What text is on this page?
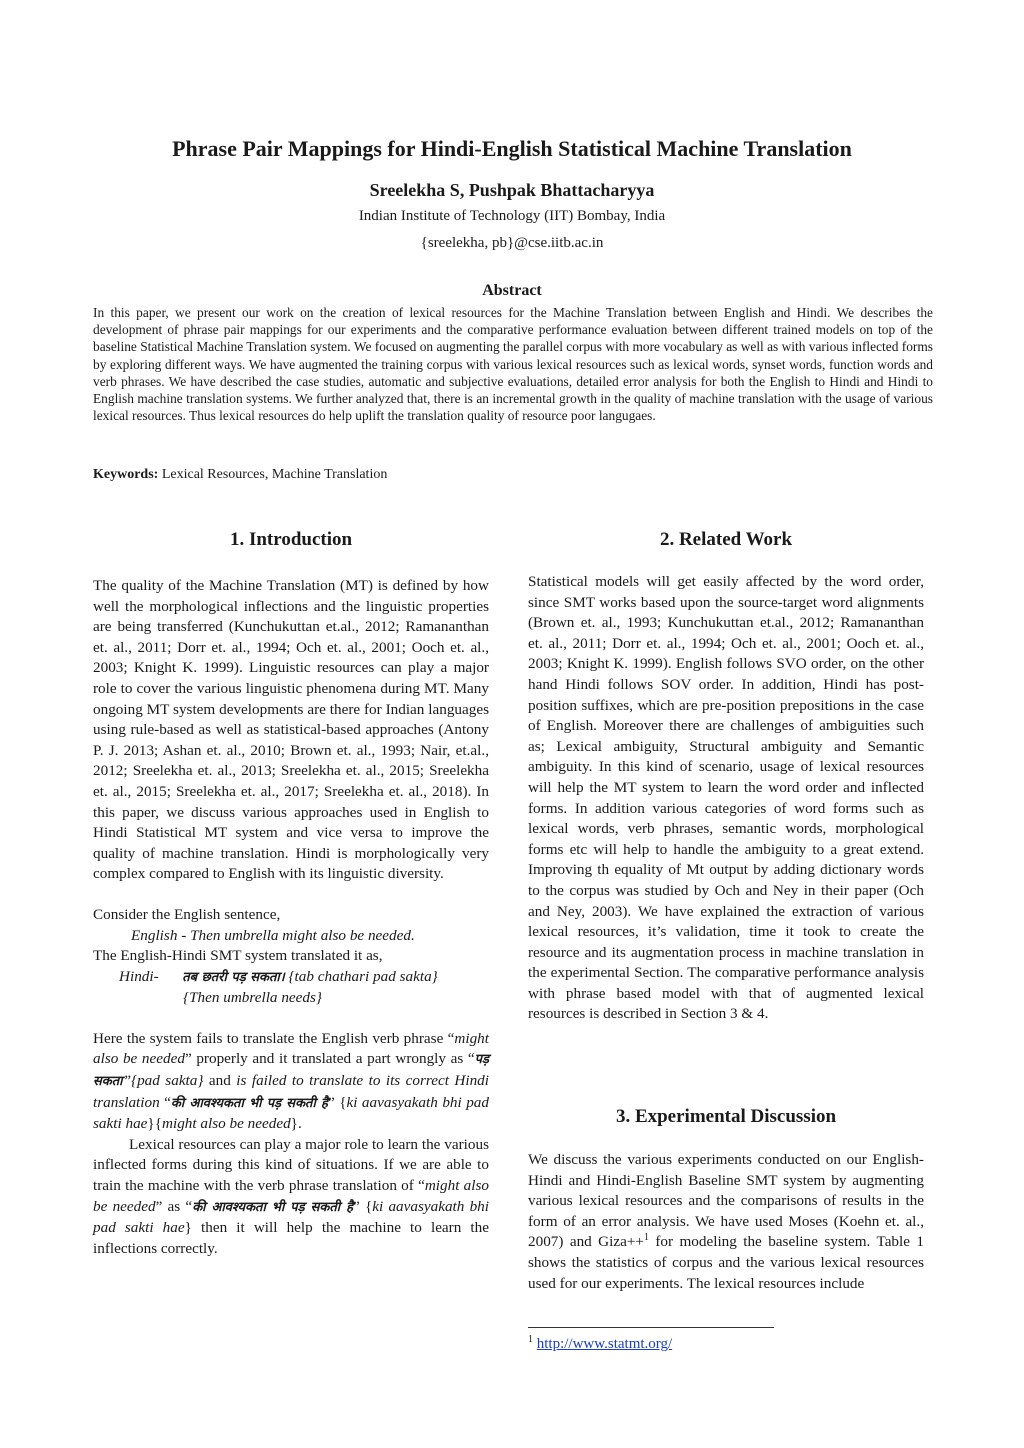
Phrase Pair Mappings for Hindi-English Statistical Machine Translation
Sreelekha S, Pushpak Bhattacharyya
Indian Institute of Technology (IIT) Bombay, India
{sreelekha, pb}@cse.iitb.ac.in
Abstract
In this paper, we present our work on the creation of lexical resources for the Machine Translation between English and Hindi. We describes the development of phrase pair mappings for our experiments and the comparative performance evaluation between different trained models on top of the baseline Statistical Machine Translation system. We focused on augmenting the parallel corpus with more vocabulary as well as with various inflected forms by exploring different ways. We have augmented the training corpus with various lexical resources such as lexical words, synset words, function words and verb phrases. We have described the case studies, automatic and subjective evaluations, detailed error analysis for both the English to Hindi and Hindi to English machine translation systems. We further analyzed that, there is an incremental growth in the quality of machine translation with the usage of various lexical resources. Thus lexical resources do help uplift the translation quality of resource poor langugaes.
Keywords: Lexical Resources, Machine Translation
1. Introduction

The quality of the Machine Translation (MT) is defined by how well the morphological inflections and the linguistic properties are being transferred (Kunchukuttan et.al., 2012; Ramananthan et. al., 2011; Dorr et. al., 1994; Och et. al., 2001; Ooch et. al., 2003; Knight K. 1999). Linguistic resources can play a major role to cover the various linguistic phenomena during MT. Many ongoing MT system developments are there for Indian languages using rule-based as well as statistical-based approaches (Antony P. J. 2013; Ashan et. al., 2010; Brown et. al., 1993; Nair, et.al., 2012; Sreelekha et. al., 2013; Sreelekha et. al., 2015; Sreelekha et. al., 2015; Sreelekha et. al., 2017; Sreelekha et. al., 2018). In this paper, we discuss various approaches used in English to Hindi Statistical MT system and vice versa to improve the quality of machine translation. Hindi is morphologically very complex compared to English with its linguistic diversity.

Consider the English sentence,

English - Then umbrella might also be needed.

The English-Hindi SMT system translated it as,

Hindi- तब छतरी पड़ सकता। {tab chathari pad sakta}

{Then umbrella needs}

Here the system fails to translate the English verb phrase “might also be needed” properly and it translated a part wrongly as “पड़ सकता”{pad sakta} and is failed to translate to its correct Hindi translation “की आवश्यकता भी पड़ सकती है” {ki aavasyakath bhi pad sakti hae}{might also be needed}.

Lexical resources can play a major role to learn the various inflected forms during this kind of situations. If we are able to train the machine with the verb phrase translation of “might also be needed” as “की आवश्यकता भी पड़ सकती है” {ki aavasyakath bhi pad sakti hae} then it will help the machine to learn the inflections correctly.

2. Related Work

Statistical models will get easily affected by the word order, since SMT works based upon the source-target word alignments (Brown et. al., 1993; Kunchukuttan et.al., 2012; Ramananthan et. al., 2011; Dorr et. al., 1994; Och et. al., 2001; Ooch et. al., 2003; Knight K. 1999). English follows SVO order, on the other hand Hindi follows SOV order. In addition, Hindi has post-position suffixes, which are pre-position prepositions in the case of English. Moreover there are challenges of ambiguities such as; Lexical ambiguity, Structural ambiguity and Semantic ambiguity. In this kind of scenario, usage of lexical resources will help the MT system to learn the word order and inflected forms. In addition various categories of word forms such as lexical words, verb phrases, semantic words, morphological forms etc will help to handle the ambiguity to a great extend. Improving th equality of Mt output by adding dictionary words to the corpus was studied by Och and Ney in their paper (Och and Ney, 2003). We have explained the extraction of various lexical resources, it’s validation, time it took to create the resource and its augmentation process in machine translation in the experimental Section. The comparative performance analysis with phrase based model with that of augmented lexical resources is described in Section 3 & 4.

3. Experimental Discussion

We discuss the various experiments conducted on our English-Hindi and Hindi-English Baseline SMT system by augmenting various lexical resources and the comparisons of results in the form of an error analysis. We have used Moses (Koehn et. al., 2007) and Giza++$^1$ for modeling the baseline system. Table 1 shows the statistics of corpus and the various lexical resources used for our experiments. The lexical resources include

$^1$ http://www.statmt.org/
